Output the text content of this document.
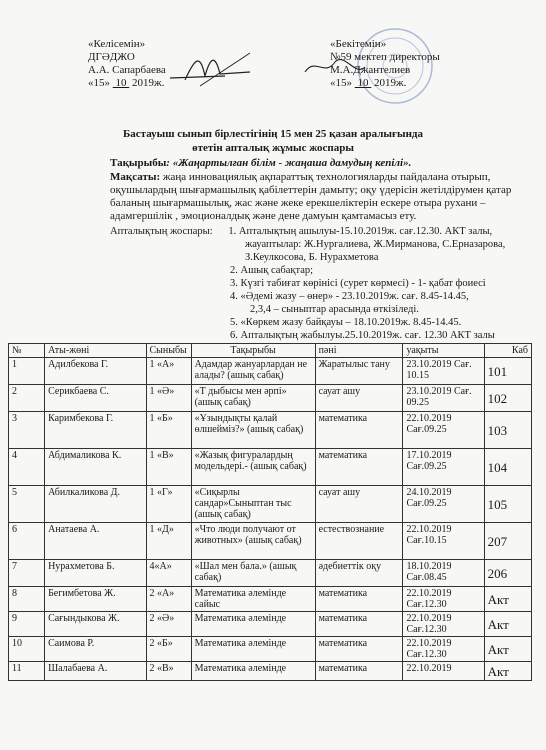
«Келісемін»
ДГӘДЖО
А.А. Сапарбаева
«15» 10 2019ж.
«Бекітемін»
№59 мектеп директоры
М.А.Джантелиев
«15» 10 2019ж.
Бастауыш сынып бірлестігінің 15 мен 25 қазан аралығында
өтетін апталық жұмыс жоспары
Тақырыбы: «Жаңартылған білім - жаңаша дамудың кепілі».
Мақсаты: жаңа инновациялық ақпараттық технологияларды пайдалана отырып,
оқушылардың шығармашылық қабілеттерін дамыту; оқу үдерісін жетілдірумен қатар
баланың шығармашылық, жас және жеке ерекшеліктерін ескере отыра рухани –
адамгершілік , эмоционалдық және дене дамуын қамтамасыз ету.
Апталықтың жоспары: 1. Апталықтың ашылуы-15.10.2019ж. сағ.12.30. АКТ залы,
жауаптылар: Ж.Нургалиева, Ж.Мирманова, С.Ерназарова,
З.Кеулкосова, Б. Нурахметова
2. Ашық сабақтар;
3. Күзгі табиғат көрінісі (сурет көрмесі) - 1- қабат фоиесі
4. «Әдемі жазу – өнер» - 23.10.2019ж. сағ. 8.45-14.45,
2,3,4 – сыныптар арасында өткізіледі.
5. «Көркем жазу байқауы – 18.10.2019ж. 8.45-14.45.
6. Апталықтың жабылуы.25.10.2019ж. сағ. 12.30 АКТ залы
№	Аты-жөні	Сыныбы	Тақырыбы	пәні	уақыты	Каб
1	Адилбекова Г.	1 «А»	Адамдар жануарлардан не алады? (ашық сабақ)	Жаратылыс тану	23.10.2019 Сағ. 10.15	101
2	Серикбаева С.	1 «Ә»	«Т дыбысы мен әрпі» (ашық сабақ)	сауат ашу	23.10.2019 Сағ. 09.25	102
3	Каримбекова Г.	1 «Б»	«Ұзындықты қалай өлшейміз?» (ашық сабақ)	математика	22.10.2019 Сағ.09.25	103
4	Абдималикова К.	1 «В»	«Жазық фигуралардың модельдері.- (ашық сабақ)	математика	17.10.2019 Сағ.09.25	104
5	Абилкаликова Д.	1 «Г»	«Сиқырлы сандар»Сыныптан тыс (ашық сабақ)	сауат ашу	24.10.2019 Сағ.09.25	105
6	Анатаева А.	1 «Д»	«Что люди получают от животных» (ашық сабақ)	естествознание	22.10.2019 Сағ.10.15	207
7	Нурахметова Б.	4«А»	«Шал мен бала.» (ашық сабақ)	әдебиеттік оқу	18.10.2019 Сағ.08.45	206
8	Бегимбетова Ж.	2 «А»	Математика әлемінде сайыс	математика	22.10.2019 Сағ.12.30	Акт
9	Сағындыкова Ж.	2 «Ә»	Математика әлемінде	математика	22.10.2019 Сағ.12.30	Акт
10	Саимова Р.	2 «Б»	Математика әлемінде	математика	22.10.2019 Сағ.12.30	Акт
11	Шалабаева А.	2 «В»	Математика әлемінде	математика	22.10.2019	Акт
